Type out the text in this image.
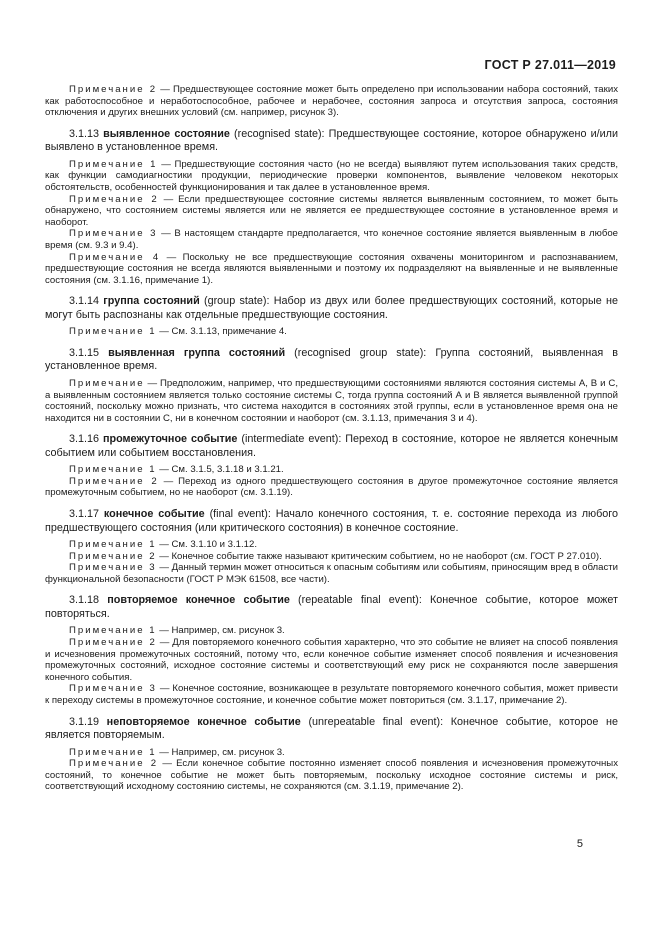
ГОСТ Р 27.011—2019

Примечание 2 — Предшествующее состояние может быть определено при использовании набора состояний, таких как работоспособное и неработоспособное, рабочее и нерабочее, состояния запроса и отсутствия запроса, состояния отключения и других внешних условий (см. например, рисунок 3).

3.1.13 выявленное состояние (recognised state): Предшествующее состояние, которое обнаружено и/или выявлено в установленное время.

Примечание 1 — Предшествующие состояния часто (но не всегда) выявляют путем использования таких средств, как функции самодиагностики продукции, периодические проверки компонентов, выявление человеком некоторых обстоятельств, особенностей функционирования и так далее в установленное время.

Примечание 2 — Если предшествующее состояние системы является выявленным состоянием, то может быть обнаружено, что состоянием системы является или не является ее предшествующее состояние в установленное время и наоборот.

Примечание 3 — В настоящем стандарте предполагается, что конечное состояние является выявленным в любое время (см. 9.3 и 9.4).

Примечание 4 — Поскольку не все предшествующие состояния охвачены мониторингом и распознаванием, предшествующие состояния не всегда являются выявленными и поэтому их подразделяют на выявленные и не выявленные состояния (см. 3.1.16, примечание 1).

3.1.14 группа состояний (group state): Набор из двух или более предшествующих состояний, которые не могут быть распознаны как отдельные предшествующие состояния.

Примечание 1 — См. 3.1.13, примечание 4.

3.1.15 выявленная группа состояний (recognised group state): Группа состояний, выявленная в установленное время.

Примечание — Предположим, например, что предшествующими состояниями являются состояния системы А, В и С, а выявленным состоянием является только состояние системы С, тогда группа состояний А и В является выявленной группой состояний, поскольку можно признать, что система находится в состояниях этой группы, если в установленное время она не находится ни в состоянии С, ни в конечном состоянии и наоборот (см. 3.1.13, примечания 3 и 4).

3.1.16 промежуточное событие (intermediate event): Переход в состояние, которое не является конечным событием или событием восстановления.

Примечание 1 — См. 3.1.5, 3.1.18 и 3.1.21.

Примечание 2 — Переход из одного предшествующего состояния в другое промежуточное состояние является промежуточным событием, но не наоборот (см. 3.1.19).

3.1.17 конечное событие (final event): Начало конечного состояния, т. е. состояние перехода из любого предшествующего состояния (или критического состояния) в конечное состояние.

Примечание 1 — См. 3.1.10 и 3.1.12.

Примечание 2 — Конечное событие также называют критическим событием, но не наоборот (см. ГОСТ Р 27.010).

Примечание 3 — Данный термин может относиться к опасным событиям или событиям, приносящим вред в области функциональной безопасности (ГОСТ Р МЭК 61508, все части).

3.1.18 повторяемое конечное событие (repeatable final event): Конечное событие, которое может повторяться.

Примечание 1 — Например, см. рисунок 3.

Примечание 2 — Для повторяемого конечного события характерно, что это событие не влияет на способ появления и исчезновения промежуточных состояний, потому что, если конечное событие изменяет способ появления и исчезновения промежуточных состояний, исходное состояние системы и соответствующий ему риск не сохраняются после завершения конечного события.

Примечание 3 — Конечное состояние, возникающее в результате повторяемого конечного события, может привести к переходу системы в промежуточное состояние, и конечное событие может повториться (см. 3.1.17, примечание 2).

3.1.19 неповторяемое конечное событие (unrepeatable final event): Конечное событие, которое не является повторяемым.

Примечание 1 — Например, см. рисунок 3.

Примечание 2 — Если конечное событие постоянно изменяет способ появления и исчезновения промежуточных состояний, то конечное событие не может быть повторяемым, поскольку исходное состояние системы и риск, соответствующий исходному состоянию системы, не сохраняются (см. 3.1.19, примечание 2).

5
